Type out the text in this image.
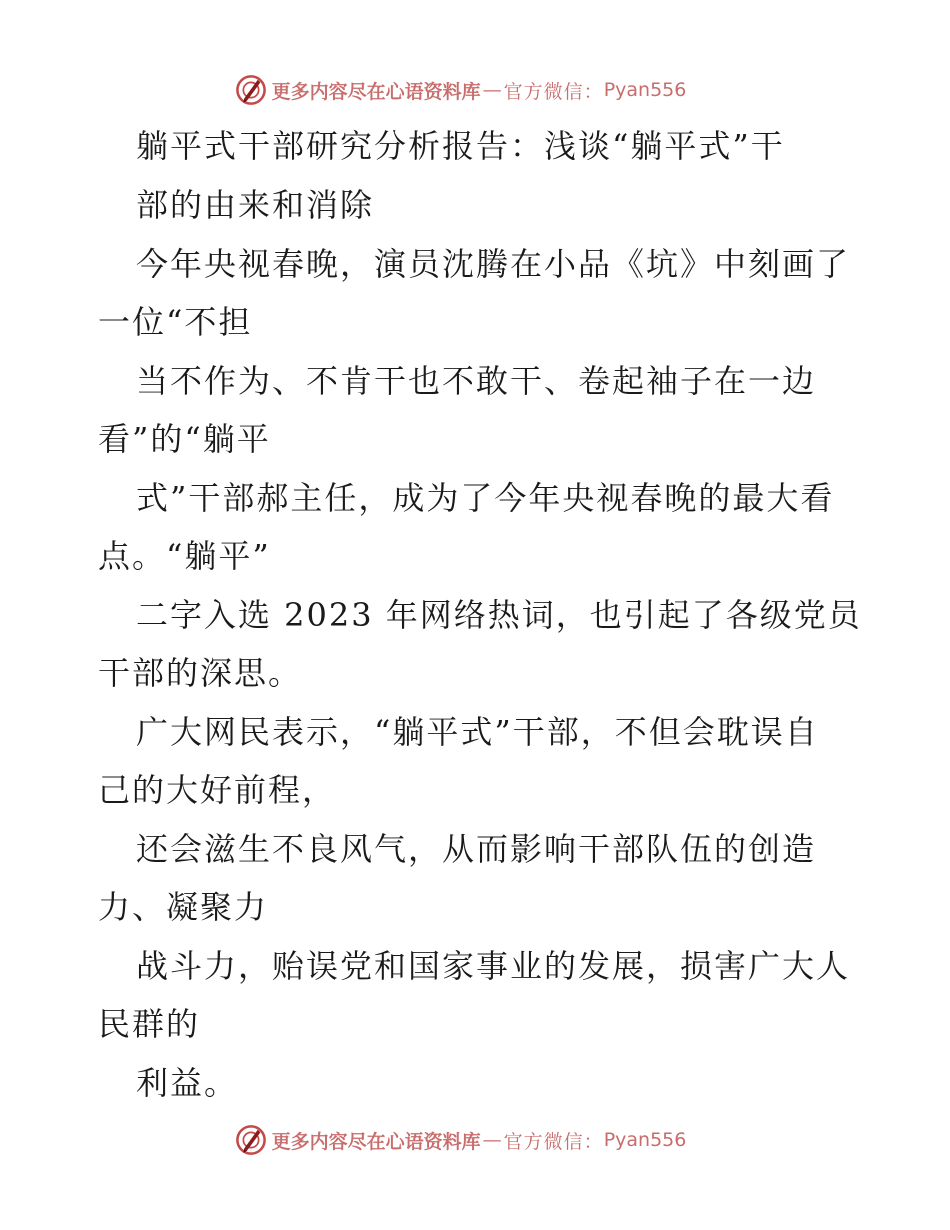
更多内容尽在心语资料库 — 官方微信： Pyan556
躺平式干部研究分析报告：浅谈“躺平式”干
部的由来和消除
今年央视春晚，演员沈腾在小品《坑》中刻画了
一位“不担
当不作为、不肯干也不敢干、卷起袖子在一边
看”的“躺平
式”干部郝主任，成为了今年央视春晚的最大看
点。“躺平”
二字入选 2023 年网络热词，也引起了各级党员
干部的深思。
广大网民表示，“躺平式”干部，不但会耽误自
己的大好前程，
还会滋生不良风气，从而影响干部队伍的创造
力、凝聚力
战斗力，贻误党和国家事业的发展，损害广大人
民群的
利益。
更多内容尽在心语资料库 — 官方微信： Pyan556
